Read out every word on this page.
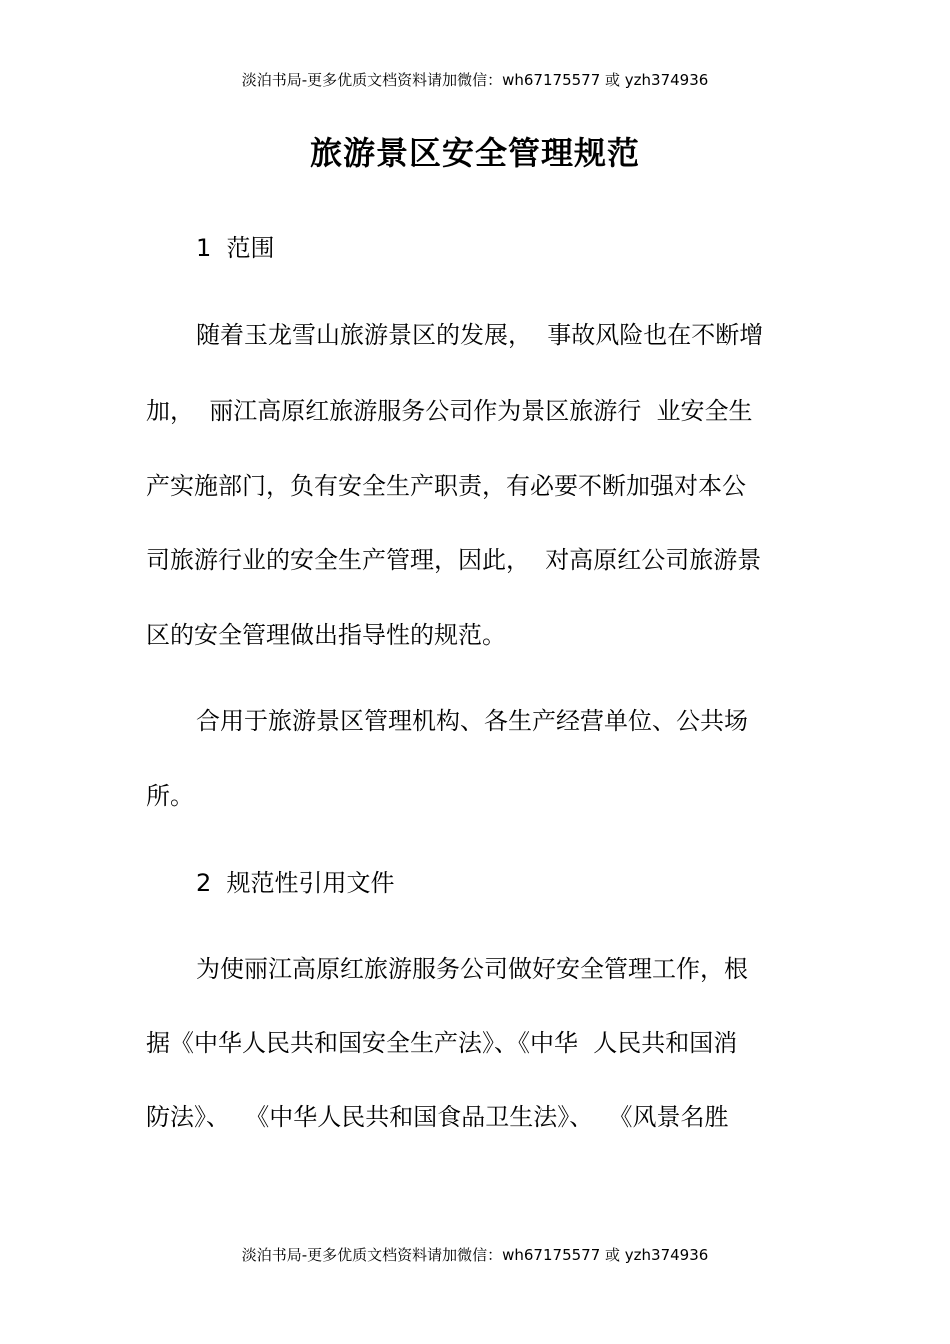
淡泊书局-更多优质文档资料请加微信：wh67175577 或 yzh374936
旅游景区安全管理规范
1  范围
随着玉龙雪山旅游景区的发展，  事故风险也在不断增
加，  丽江高原红旅游服务公司作为景区旅游行  业安全生
产实施部门，负有安全生产职责，有必要不断加强对本公
司旅游行业的安全生产管理，因此，  对高原红公司旅游景
区的安全管理做出指导性的规范。
合用于旅游景区管理机构、各生产经营单位、公共场
所。
2  规范性引用文件
为使丽江高原红旅游服务公司做好安全管理工作，根
据《中华人民共和国安全生产法》、《中华  人民共和国消
防法》、  《中华人民共和国食品卫生法》、  《风景名胜
淡泊书局-更多优质文档资料请加微信：wh67175577 或 yzh374936
